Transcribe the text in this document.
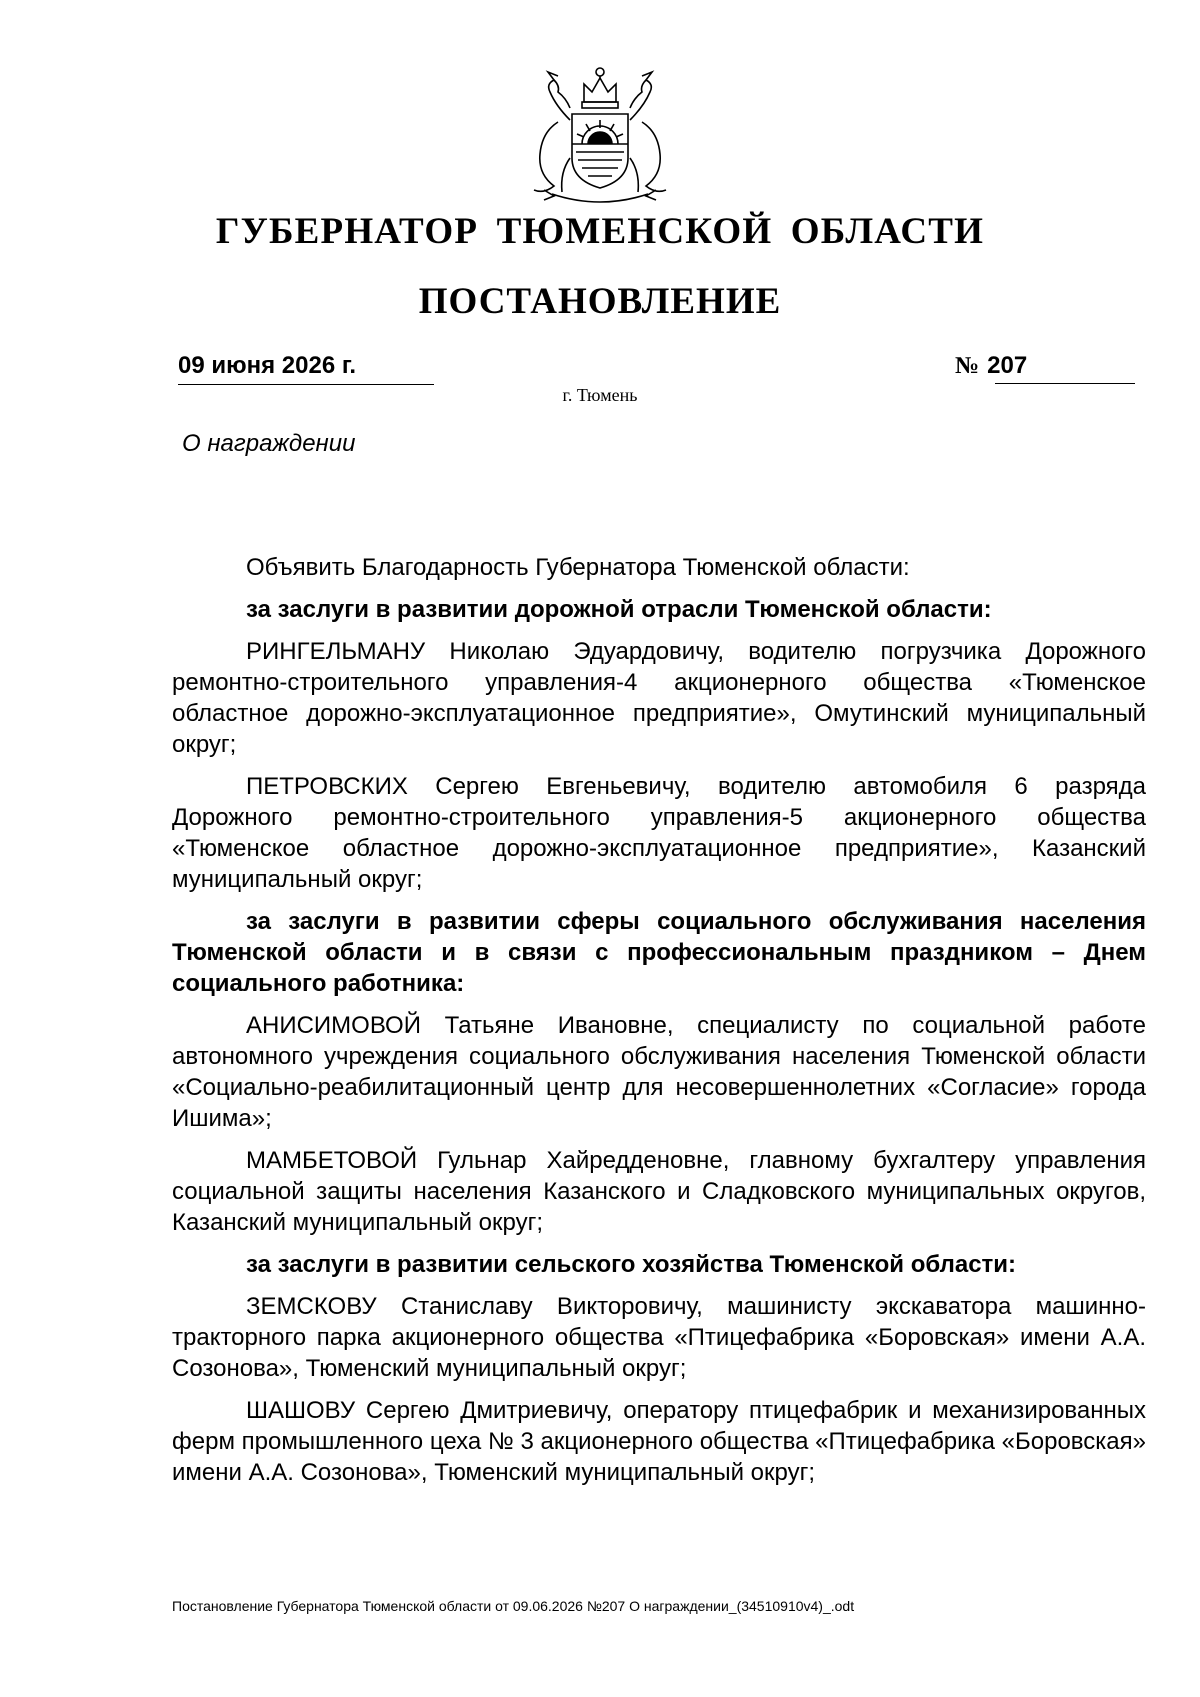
ГУБЕРНАТОР ТЮМЕНСКОЙ ОБЛАСТИ
ПОСТАНОВЛЕНИЕ
09 июня 2026 г.	№ 207
г. Тюмень
О награждении

Объявить Благодарность Губернатора Тюменской области:

за заслуги в развитии дорожной отрасли Тюменской области:

РИНГЕЛЬМАНУ Николаю Эдуардовичу, водителю погрузчика Дорожного ремонтно-строительного управления-4 акционерного общества «Тюменское областное дорожно-эксплуатационное предприятие», Омутинский муниципальный округ;

ПЕТРОВСКИХ Сергею Евгеньевичу, водителю автомобиля 6 разряда Дорожного ремонтно-строительного управления-5 акционерного общества «Тюменское областное дорожно-эксплуатационное предприятие», Казанский муниципальный округ;

за заслуги в развитии сферы социального обслуживания населения Тюменской области и в связи с профессиональным праздником – Днем социального работника:

АНИСИМОВОЙ Татьяне Ивановне, специалисту по социальной работе автономного учреждения социального обслуживания населения Тюменской области «Социально-реабилитационный центр для несовершеннолетних «Согласие» города Ишима»;

МАМБЕТОВОЙ Гульнар Хайредденовне, главному бухгалтеру управления социальной защиты населения Казанского и Сладковского муниципальных округов, Казанский муниципальный округ;

за заслуги в развитии сельского хозяйства Тюменской области:

ЗЕМСКОВУ Станиславу Викторовичу, машинисту экскаватора машинно-тракторного парка акционерного общества «Птицефабрика «Боровская» имени А.А. Созонова», Тюменский муниципальный округ;

ШАШОВУ Сергею Дмитриевичу, оператору птицефабрик и механизированных ферм промышленного цеха № 3 акционерного общества «Птицефабрика «Боровская» имени А.А. Созонова», Тюменский муниципальный округ;

Постановление Губернатора Тюменской области от 09.06.2026 №207 О награждении_(34510910v4)_.odt
